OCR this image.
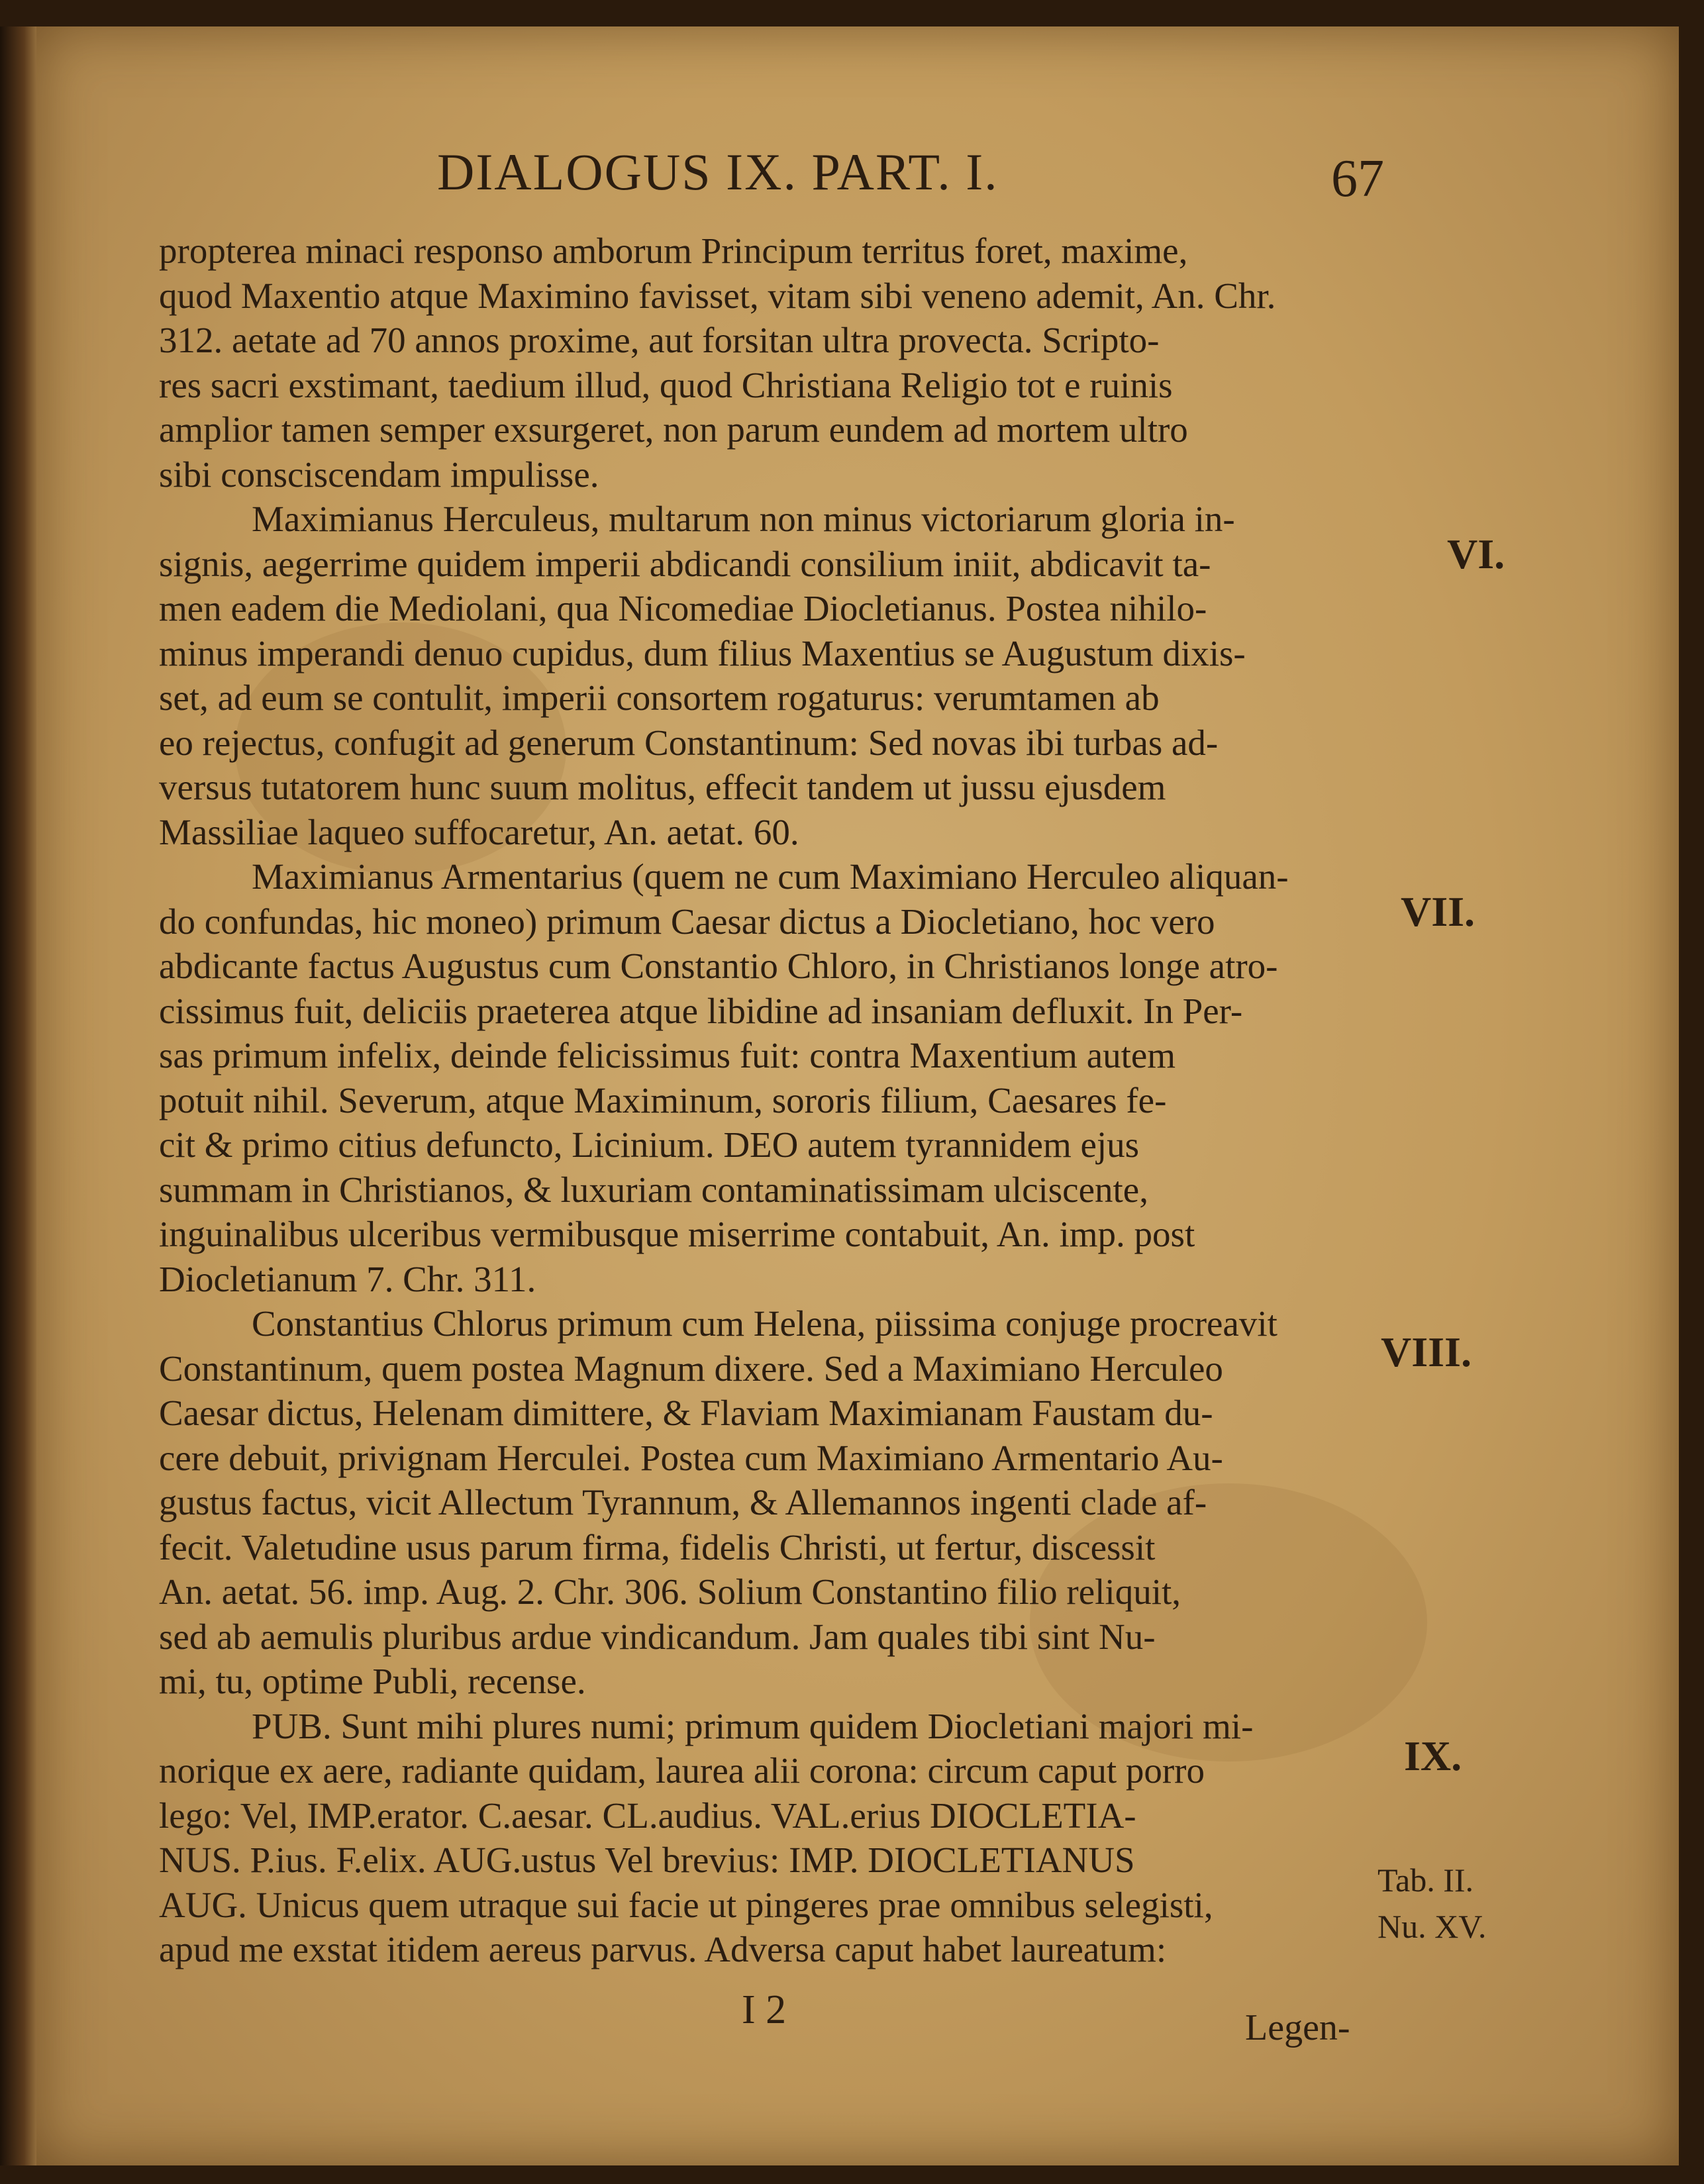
DIALOGUS IX. PART. I.	67
propterea minaci responso amborum Principum territus foret, maxime,
quod Maxentio atque Maximino favisset, vitam sibi veneno ademit, An. Chr.
312. aetate ad 70 annos proxime, aut forsitan ultra provecta. Scripto-
res sacri exstimant, taedium illud, quod Christiana Religio tot e ruinis
amplior tamen semper exsurgeret, non parum eundem ad mortem ultro
sibi consciscendam impulisse.
Maximianus Herculeus, multarum non minus victoriarum gloria in-
signis, aegerrime quidem imperii abdicandi consilium iniit, abdicavit ta-
men eadem die Mediolani, qua Nicomediae Diocletianus. Postea nihilo-
minus imperandi denuo cupidus, dum filius Maxentius se Augustum dixis-
set, ad eum se contulit, imperii consortem rogaturus: verumtamen ab
eo rejectus, confugit ad generum Constantinum: Sed novas ibi turbas ad-
versus tutatorem hunc suum molitus, effecit tandem ut jussu ejusdem
Massiliae laqueo suffocaretur, An. aetat. 60.
Maximianus Armentarius (quem ne cum Maximiano Herculeo aliquan-
do confundas, hic moneo) primum Caesar dictus a Diocletiano, hoc vero
abdicante factus Augustus cum Constantio Chloro, in Christianos longe atro-
cissimus fuit, deliciis praeterea atque libidine ad insaniam defluxit. In Per-
sas primum infelix, deinde felicissimus fuit: contra Maxentium autem
potuit nihil. Severum, atque Maximinum, sororis filium, Caesares fe-
cit & primo citius defuncto, Licinium. DEO autem tyrannidem ejus
summam in Christianos, & luxuriam contaminatissimam ulciscente,
inguinalibus ulceribus vermibusque miserrime contabuit, An. imp. post
Diocletianum 7. Chr. 311.
Constantius Chlorus primum cum Helena, piissima conjuge procreavit
Constantinum, quem postea Magnum dixere. Sed a Maximiano Herculeo
Caesar dictus, Helenam dimittere, & Flaviam Maximianam Faustam du-
cere debuit, privignam Herculei. Postea cum Maximiano Armentario Au-
gustus factus, vicit Allectum Tyrannum, & Allemannos ingenti clade af-
fecit. Valetudine usus parum firma, fidelis Christi, ut fertur, discessit
An. aetat. 56. imp. Aug. 2. Chr. 306. Solium Constantino filio reliquit,
sed ab aemulis pluribus ardue vindicandum. Jam quales tibi sint Nu-
mi, tu, optime Publi, recense.
PUB. Sunt mihi plures numi; primum quidem Diocletiani majori mi-
norique ex aere, radiante quidam, laurea alii corona: circum caput porro
lego: Vel, IMP.erator. C.aesar. CL.audius. VAL.erius DIOCLETIA-
NUS. P.ius. F.elix. AUG.ustus Vel brevius: IMP. DIOCLETIANUS
AUG. Unicus quem utraque sui facie ut pingeres prae omnibus selegisti,
apud me exstat itidem aereus parvus. Adversa caput habet laureatum:
VI.
VII.
VIII.
IX.
Tab. II.
Nu. XV.
I 2	Legen-
